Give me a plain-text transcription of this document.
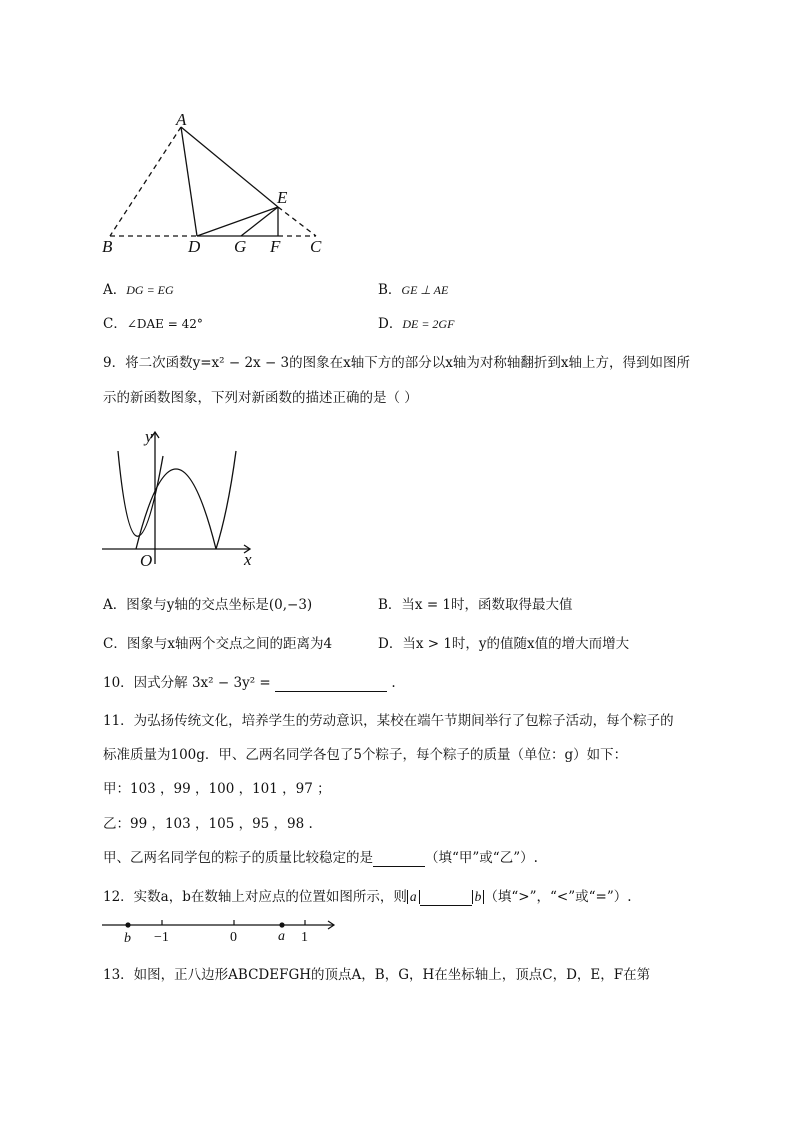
A
B	D G F C
E
A．DG = EG	B．GE ⊥ AE
C．∠DAE = 42°	D．DE = 2GF
9．将二次函数y=x² − 2x − 3的图象在x轴下方的部分以x轴为对称轴翻折到x轴上方，得到如图所
示的新函数图象，下列对新函数的描述正确的是（ ）
y
x
O
A．图象与y轴的交点坐标是(0,−3)	B．当x = 1时，函数取得最大值
C．图象与x轴两个交点之间的距离为4	D．当x > 1时，y的值随x值的增大而增大
10．因式分解 3x² − 3y² =	.
11．为弘扬传统文化，培养学生的劳动意识，某校在端午节期间举行了包粽子活动，每个粽子的
标准质量为100g．甲、乙两名同学各包了5个粽子，每个粽子的质量（单位：g）如下：
甲：103 ，99 ，100 ，101 ，97 ；
乙：99 ，103 ，105 ，95 ，98 .
甲、乙两名同学包的粽子的质量比较稳定的是	（填“甲”或“乙”）.
12．实数a，b在数轴上对应点的位置如图所示，则 a	b （填“>”，“<”或“=”）.
b −1	0	a 1
13．如图，正八边形ABCDEFGH的顶点A，B，G，H在坐标轴上，顶点C，D，E，F在第
